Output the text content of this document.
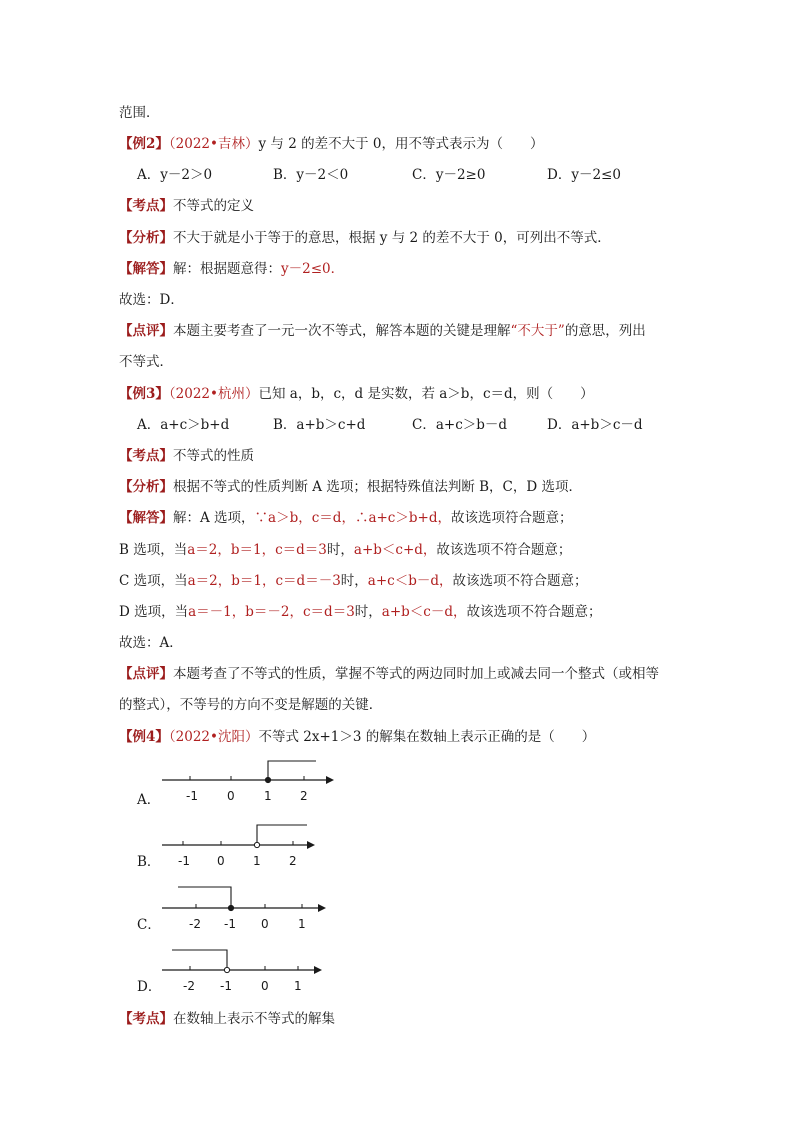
范围．
【例2】（2022•吉林）y 与 2 的差不大于 0，用不等式表示为（　　）
A．y－2＞0	B．y－2＜0	C．y－2≥0	D．y－2≤0
【考点】不等式的定义
【分析】不大于就是小于等于的意思，根据 y 与 2 的差不大于 0，可列出不等式．
【解答】解：根据题意得：y－2≤0．
故选：D．
【点评】本题主要考查了一元一次不等式，解答本题的关键是理解“不大于”的意思，列出
不等式．
【例3】（2022•杭州）已知 a，b，c，d 是实数，若 a＞b，c＝d，则（　　）
A．a+c＞b+d	B．a+b＞c+d	C．a+c＞b－d	D．a+b＞c－d
【考点】不等式的性质
【分析】根据不等式的性质判断 A 选项；根据特殊值法判断 B，C，D 选项．
【解答】解：A 选项，∵a＞b，c＝d，∴a+c＞b+d，故该选项符合题意；
B 选项，当a＝2，b＝1，c＝d＝3时，a+b＜c+d，故该选项不符合题意；
C 选项，当a＝2，b＝1，c＝d＝－3时，a+c＜b－d，故该选项不符合题意；
D 选项，当a＝－1，b＝－2，c＝d＝3时，a+b＜c－d，故该选项不符合题意；
故选：A．
【点评】本题考查了不等式的性质，掌握不等式的两边同时加上或减去同一个整式（或相等
的整式），不等号的方向不变是解题的关键．
【例4】（2022•沈阳）不等式 2x+1＞3 的解集在数轴上表示正确的是（　　）
A． -1 0 1 2
B． -1 0 1 2
C． -2 -1 0 1
D． -2 -1 0 1
【考点】在数轴上表示不等式的解集
